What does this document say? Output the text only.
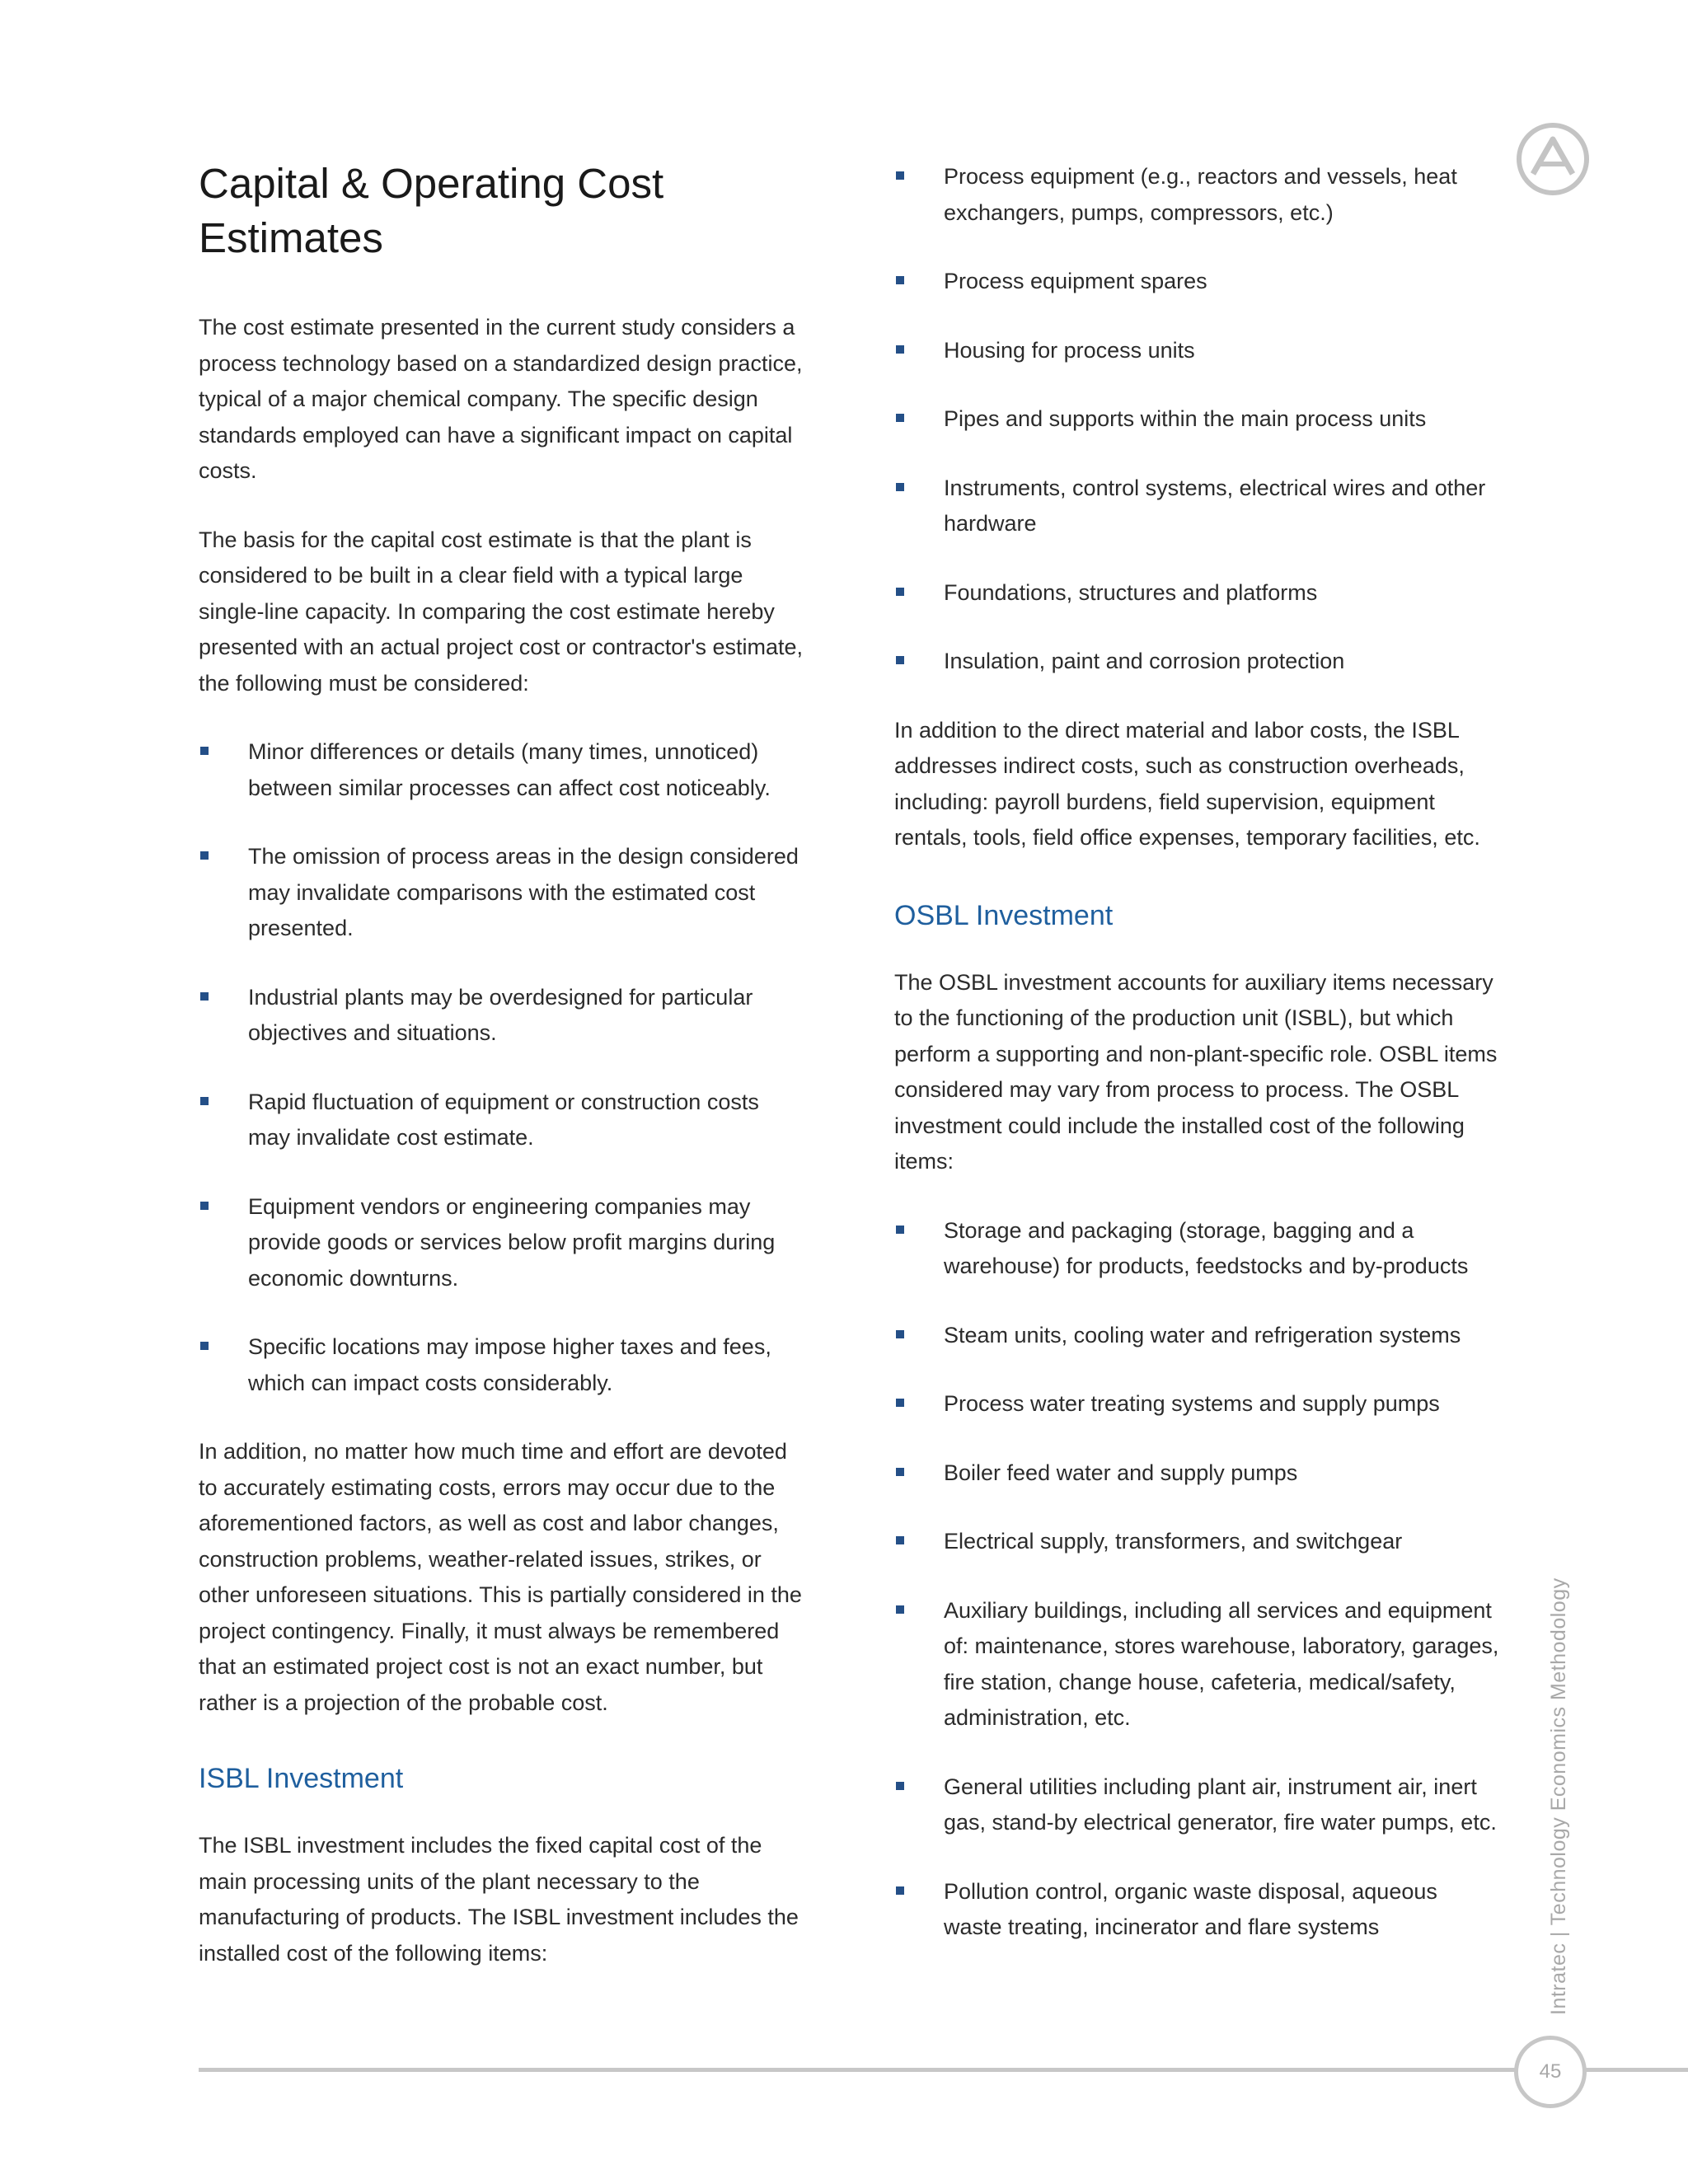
Capital & Operating Cost Estimates

The cost estimate presented in the current study considers a process technology based on a standardized design practice, typical of a major chemical company. The specific design standards employed can have a significant impact on capital costs.

The basis for the capital cost estimate is that the plant is considered to be built in a clear field with a typical large single-line capacity. In comparing the cost estimate hereby presented with an actual project cost or contractor's estimate, the following must be considered:

Minor differences or details (many times, unnoticed) between similar processes can affect cost noticeably.
The omission of process areas in the design considered may invalidate comparisons with the estimated cost presented.
Industrial plants may be overdesigned for particular objectives and situations.
Rapid fluctuation of equipment or construction costs may invalidate cost estimate.
Equipment vendors or engineering companies may provide goods or services below profit margins during economic downturns.
Specific locations may impose higher taxes and fees, which can impact costs considerably.

In addition, no matter how much time and effort are devoted to accurately estimating costs, errors may occur due to the aforementioned factors, as well as cost and labor changes, construction problems, weather-related issues, strikes, or other unforeseen situations. This is partially considered in the project contingency. Finally, it must always be remembered that an estimated project cost is not an exact number, but rather is a projection of the probable cost.

ISBL Investment

The ISBL investment includes the fixed capital cost of the main processing units of the plant necessary to the manufacturing of products. The ISBL investment includes the installed cost of the following items:

Process equipment (e.g., reactors and vessels, heat exchangers, pumps, compressors, etc.)
Process equipment spares
Housing for process units
Pipes and supports within the main process units
Instruments, control systems, electrical wires and other hardware
Foundations, structures and platforms
Insulation, paint and corrosion protection

In addition to the direct material and labor costs, the ISBL addresses indirect costs, such as construction overheads, including: payroll burdens, field supervision, equipment rentals, tools, field office expenses, temporary facilities, etc.

OSBL Investment

The OSBL investment accounts for auxiliary items necessary to the functioning of the production unit (ISBL), but which perform a supporting and non-plant-specific role. OSBL items considered may vary from process to process. The OSBL investment could include the installed cost of the following items:

Storage and packaging (storage, bagging and a warehouse) for products, feedstocks and by-products
Steam units, cooling water and refrigeration systems
Process water treating systems and supply pumps
Boiler feed water and supply pumps
Electrical supply, transformers, and switchgear
Auxiliary buildings, including all services and equipment of: maintenance, stores warehouse, laboratory, garages, fire station, change house, cafeteria, medical/safety, administration, etc.
General utilities including plant air, instrument air, inert gas, stand-by electrical generator, fire water pumps, etc.
Pollution control, organic waste disposal, aqueous waste treating, incinerator and flare systems	Intratec | Technology Economics Methodology
45
